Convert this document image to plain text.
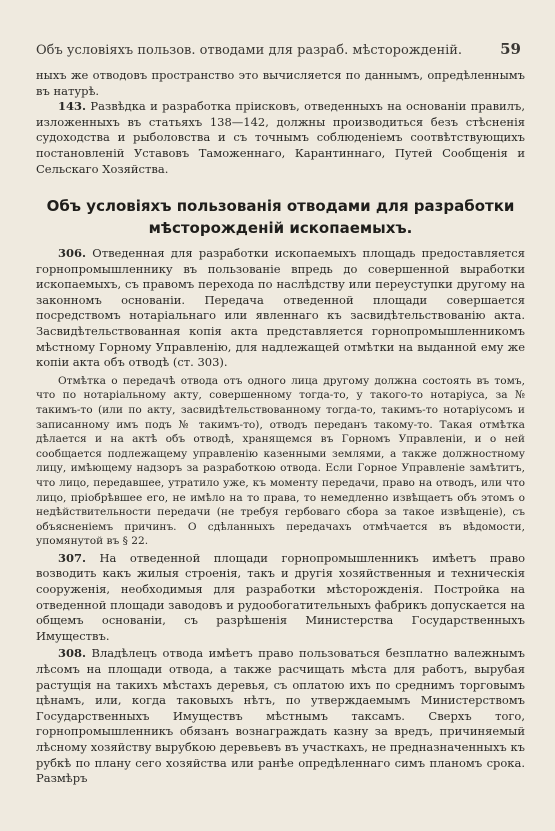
Объ условіяхъ пользов. отводами для разраб. мѣсторожденій.	59

ныхъ же отводовъ пространство это вычисляется по даннымъ, опредѣленнымъ въ натурѣ.

143. Развѣдка и разработка пріисковъ, отведенныхъ на основаніи правилъ, изложенныхъ въ статьяхъ 138—142, должны производиться безъ стѣсненія судоходства и рыболовства и съ точнымъ соблюденіемъ соотвѣтствующихъ постановленій Уставовъ Таможеннаго, Карантиннаго, Путей Сообщенія и Сельскаго Хозяйства.

Объ условіяхъ пользованія отводами для разработки
мѣсторожденій ископаемыхъ.

306. Отведенная для разработки ископаемыхъ площадь предоставляется горнопромышленнику въ пользованіе впредь до совершенной выработки ископаемыхъ, съ правомъ перехода по наслѣдству или переуступки другому на законномъ основаніи. Передача отведенной площади совершается посредствомъ нотаріальнаго или явленнаго къ засвидѣтельствованію акта. Засвидѣтельствованная копія акта представляется горнопромышленникомъ мѣстному Горному Управленію, для надлежащей отмѣтки на выданной ему же копіи акта объ отводѣ (ст. 303).

Отмѣтка о передачѣ отвода отъ одного лица другому должна состоять въ томъ, что по нотаріальному акту, совершенному тогда-то, у такого-то нотаріуса, за № такимъ-то (или по акту, засвидѣтельствованному тогда-то, такимъ-то нотаріусомъ и записанному имъ подъ № такимъ-то), отводъ переданъ такому-то. Такая отмѣтка дѣлается и на актѣ объ отводѣ, хранящемся въ Горномъ Управленіи, и о ней сообщается подлежащему управленію казенными землями, а также должностному лицу, имѣющему надзоръ за разработкою отвода. Если Горное Управленіе замѣтитъ, что лицо, передавшее, утратило уже, къ моменту передачи, право на отводъ, или что лицо, пріобрѣвшее его, не имѣло на то права, то немедленно извѣщаетъ объ этомъ о недѣйствительности передачи (не требуя гербоваго сбора за такое извѣщеніе), съ объясненіемъ причинъ. О сдѣланныхъ передачахъ отмѣчается въ вѣдомости, упомянутой въ § 22.

307. На отведенной площади горнопромышленникъ имѣетъ право возводить какъ жилыя строенія, такъ и другія хозяйственныя и техническія сооруженія, необходимыя для разработки мѣсторожденія. Постройка на отведенной площади заводовъ и рудообогатительныхъ фабрикъ допускается на общемъ основаніи, съ разрѣшенія Министерства Государственныхъ Имуществъ.

308. Владѣлецъ отвода имѣетъ право пользоваться безплатно валежнымъ лѣсомъ на площади отвода, а также расчищать мѣста для работъ, вырубая растущія на такихъ мѣстахъ деревья, съ оплатою ихъ по среднимъ торговымъ цѣнамъ, или, когда таковыхъ нѣтъ, по утверждаемымъ Министерствомъ Государственныхъ Имуществъ мѣстнымъ таксамъ. Сверхъ того, горнопромышленникъ обязанъ вознаграждать казну за вредъ, причиняемый лѣсному хозяйству вырубкою деревьевъ въ участкахъ, не предназначенныхъ къ рубкѣ по плану сего хозяйства или ранѣе опредѣленнаго симъ планомъ срока. Размѣръ
